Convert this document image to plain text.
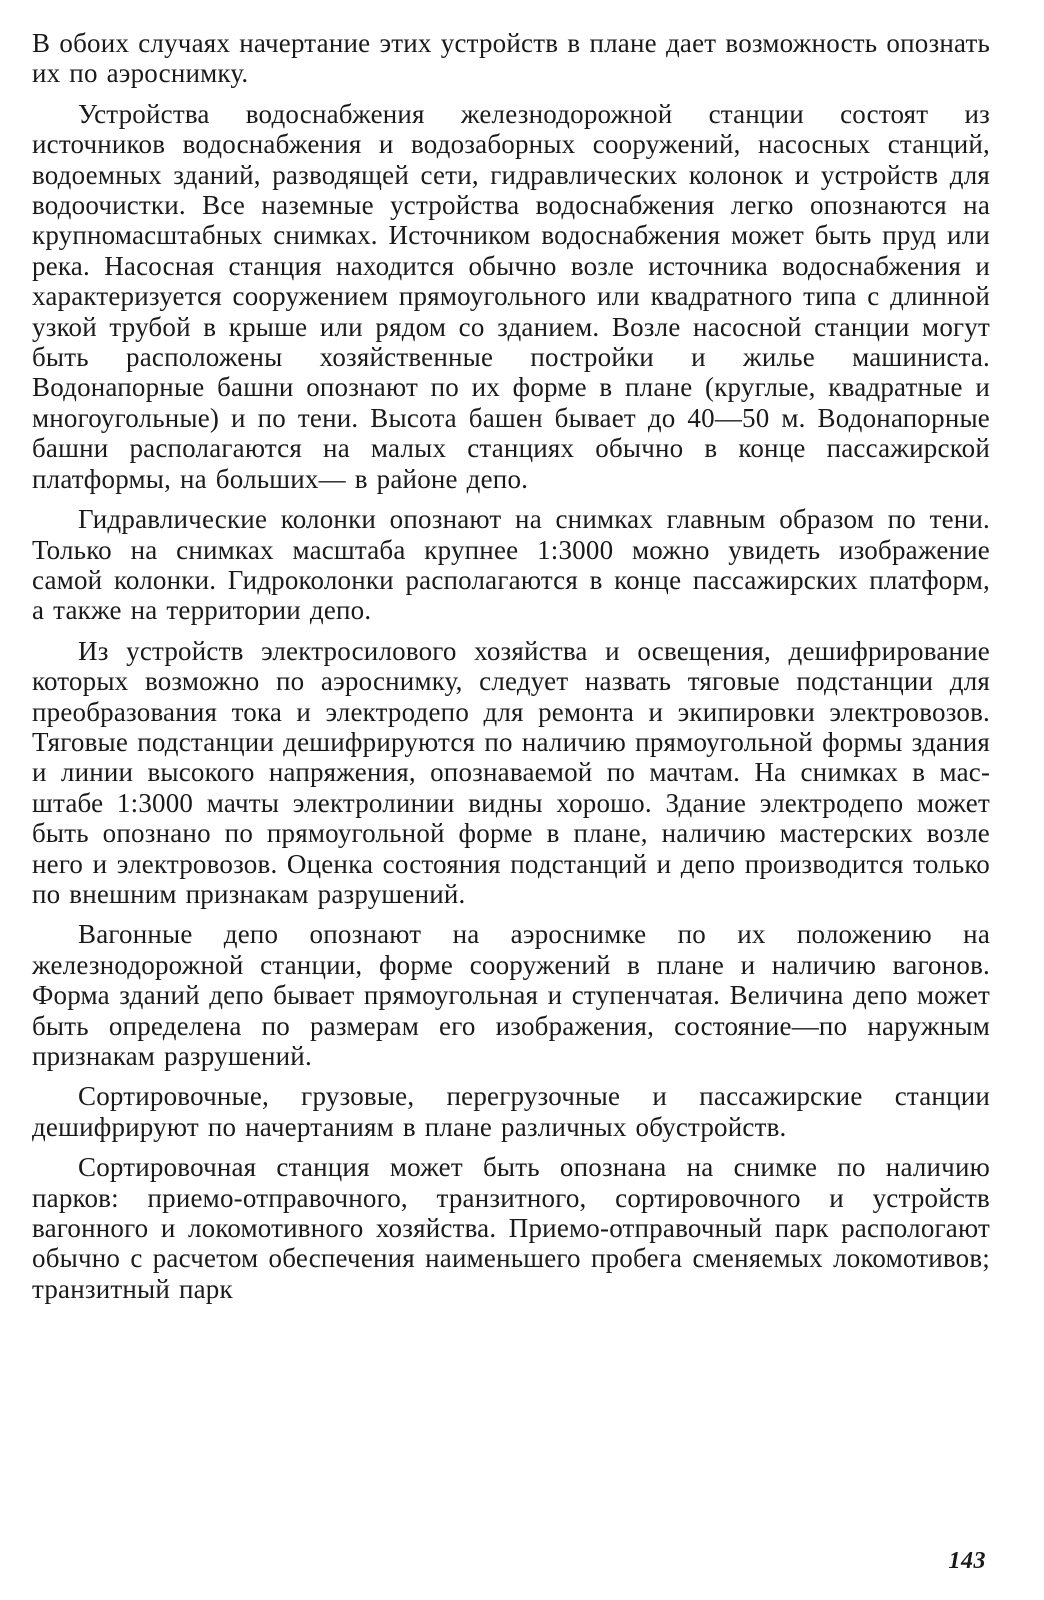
В обоих случаях начертание этих устройств в плане дает возможность опознать их по аэроснимку.

Устройства водоснабжения железнодорожной станции состоят из источников водоснабжения и водозаборных сооружений, насосных станций, водоемных зданий, разводящей сети, гидравлических колонок и устройств для водоочистки. Все наземные устройства водоснабжения легко опознаются на крупномасштабных снимках. Источником водоснабжения может быть пруд или река. Насосная станция находится обычно возле источника водоснабжения и характеризуется сооружением прямоугольного или квадратного типа с длинной узкой трубой в крыше или рядом со зданием. Возле насосной станции могут быть расположены хозяйственные постройки и жилье машиниста. Водонапорные башни опознают по их форме в плане (круглые, квадратные и многоугольные) и по тени. Высота башен бывает до 40—50 м. Водонапорные башни располагаются на малых станциях обычно в конце пассажирской платформы, на больших— в районе депо.

Гидравлические колонки опознают на снимках главным образом по тени. Только на снимках масштаба крупнее 1:3000 можно увидеть изображение самой колонки. Гидроколонки располагаются в конце пассажирских платформ, а также на территории депо.

Из устройств электросилового хозяйства и освещения, дешифрирование которых возможно по аэроснимку, следует назвать тяговые подстанции для преобразования тока и электродепо для ремонта и экипировки электровозов. Тяговые подстанции дешифрируются по наличию прямоугольной формы здания и линии высокого напряжения, опознаваемой по мачтам. На снимках в масштабе 1:3000 мачты электролинии видны хорошо. Здание электродепо может быть опознано по прямоугольной форме в плане, наличию мастерских возле него и электровозов. Оценка состояния подстанций и депо производится только по внешним признакам разрушений.

Вагонные депо опознают на аэроснимке по их положению на железнодорожной станции, форме сооружений в плане и наличию вагонов. Форма зданий депо бывает прямоугольная и ступенчатая. Величина депо может быть определена по размерам его изображения, состояние—по наружным признакам разрушений.

Сортировочные, грузовые, перегрузочные и пассажирские станции дешифрируют по начертаниям в плане различных обустройств.

Сортировочная станция может быть опознана на снимке по наличию парков: приемо-отправочного, транзитного, сортировочного и устройств вагонного и локомотивного хозяйства. Приемо-отправочный парк распологают обычно с расчетом обеспечения наименьшего пробега сменяемых локомотивов; транзитный парк

143
